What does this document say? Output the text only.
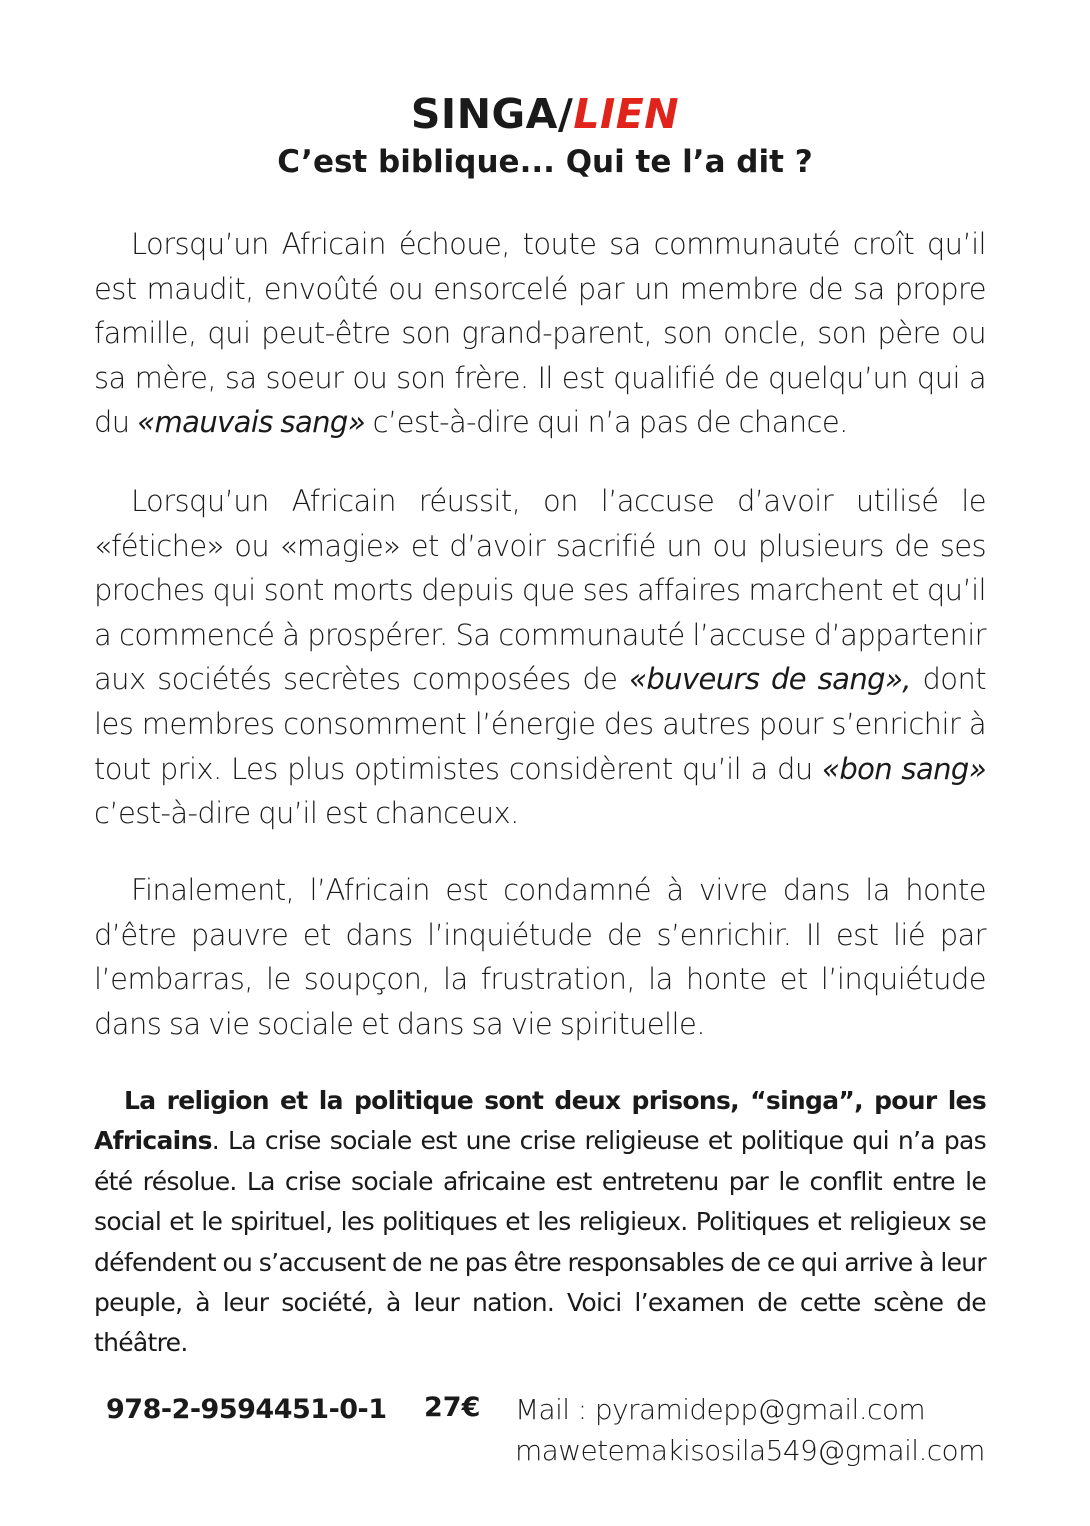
SINGA/LIEN
C’est biblique... Qui te l’a dit ?

Lorsqu’un Africain échoue, toute sa communauté croît qu’il est maudit, envoûté ou ensorcelé par un membre de sa propre famille, qui peut-être son grand-parent, son oncle, son père ou sa mère, sa soeur ou son frère. Il est qualifié de quelqu’un qui a du «mauvais sang» c’est-à-dire qui n’a pas de chance.

Lorsqu’un Africain réussit, on l’accuse d’avoir utilisé le «fétiche» ou «magie» et d’avoir sacrifié un ou plusieurs de ses proches qui sont morts depuis que ses affaires marchent et qu’il a commencé à prospérer. Sa communauté l’accuse d’appartenir aux sociétés secrètes composées de «buveurs de sang», dont les membres consomment l’énergie des autres pour s’enrichir à tout prix. Les plus optimistes considèrent qu’il a du «bon sang» c’est-à-dire qu’il est chanceux.

Finalement, l’Africain est condamné à vivre dans la honte d’être pauvre et dans l’inquiétude de s’enrichir. Il est lié par l’embarras, le soupçon, la frustration, la honte et l’inquiétude dans sa vie sociale et dans sa vie spirituelle.

La religion et la politique sont deux prisons, “singa”, pour les Africains. La crise sociale est une crise religieuse et politique qui n’a pas été résolue. La crise sociale africaine est entretenu par le conflit entre le social et le spirituel, les politiques et les religieux. Politiques et religieux se défendent ou s’accusent de ne pas être responsables de ce qui arrive à leur peuple, à leur société, à leur nation. Voici l’examen de cette scène de théâtre.

978-2-9594451-0-1 27€ Mail : pyramidepp@gmail.com
mawetemakisosila549@gmail.com
